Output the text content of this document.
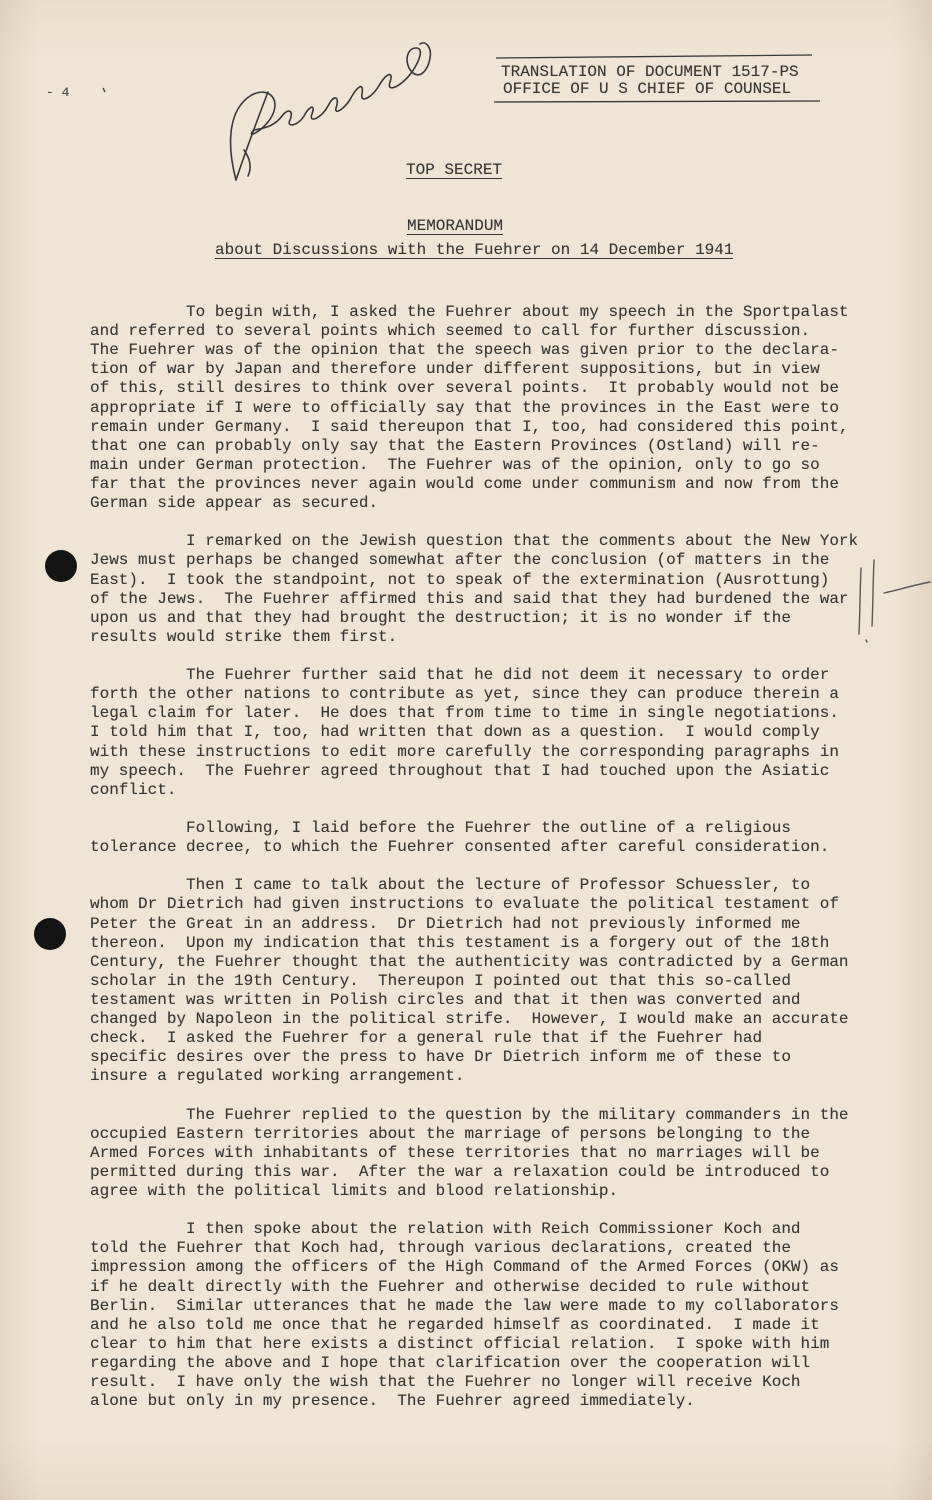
- 4
TRANSLATION OF DOCUMENT 1517-PS
OFFICE OF U S CHIEF OF COUNSEL
TOP SECRET
MEMORANDUM
about Discussions with the Fuehrer on 14 December 1941
To begin with, I asked the Fuehrer about my speech in the Sportpalast
and referred to several points which seemed to call for further discussion.
The Fuehrer was of the opinion that the speech was given prior to the declara-
tion of war by Japan and therefore under different suppositions, but in view
of this, still desires to think over several points.  It probably would not be
appropriate if I were to officially say that the provinces in the East were to
remain under Germany.  I said thereupon that I, too, had considered this point,
that one can probably only say that the Eastern Provinces (Ostland) will re-
main under German protection.  The Fuehrer was of the opinion, only to go so
far that the provinces never again would come under communism and now from the
German side appear as secured.
I remarked on the Jewish question that the comments about the New York
Jews must perhaps be changed somewhat after the conclusion (of matters in the
East).  I took the standpoint, not to speak of the extermination (Ausrottung)
of the Jews.  The Fuehrer affirmed this and said that they had burdened the war
upon us and that they had brought the destruction; it is no wonder if the
results would strike them first.
The Fuehrer further said that he did not deem it necessary to order
forth the other nations to contribute as yet, since they can produce therein a
legal claim for later.  He does that from time to time in single negotiations.
I told him that I, too, had written that down as a question.  I would comply
with these instructions to edit more carefully the corresponding paragraphs in
my speech.  The Fuehrer agreed throughout that I had touched upon the Asiatic
conflict.
Following, I laid before the Fuehrer the outline of a religious
tolerance decree, to which the Fuehrer consented after careful consideration.
Then I came to talk about the lecture of Professor Schuessler, to
whom Dr Dietrich had given instructions to evaluate the political testament of
Peter the Great in an address.  Dr Dietrich had not previously informed me
thereon.  Upon my indication that this testament is a forgery out of the 18th
Century, the Fuehrer thought that the authenticity was contradicted by a German
scholar in the 19th Century.  Thereupon I pointed out that this so-called
testament was written in Polish circles and that it then was converted and
changed by Napoleon in the political strife.  However, I would make an accurate
check.  I asked the Fuehrer for a general rule that if the Fuehrer had
specific desires over the press to have Dr Dietrich inform me of these to
insure a regulated working arrangement.
The Fuehrer replied to the question by the military commanders in the
occupied Eastern territories about the marriage of persons belonging to the
Armed Forces with inhabitants of these territories that no marriages will be
permitted during this war.  After the war a relaxation could be introduced to
agree with the political limits and blood relationship.
I then spoke about the relation with Reich Commissioner Koch and
told the Fuehrer that Koch had, through various declarations, created the
impression among the officers of the High Command of the Armed Forces (OKW) as
if he dealt directly with the Fuehrer and otherwise decided to rule without
Berlin.  Similar utterances that he made the law were made to my collaborators
and he also told me once that he regarded himself as coordinated.  I made it
clear to him that here exists a distinct official relation.  I spoke with him
regarding the above and I hope that clarification over the cooperation will
result.  I have only the wish that the Fuehrer no longer will receive Koch
alone but only in my presence.  The Fuehrer agreed immediately.
